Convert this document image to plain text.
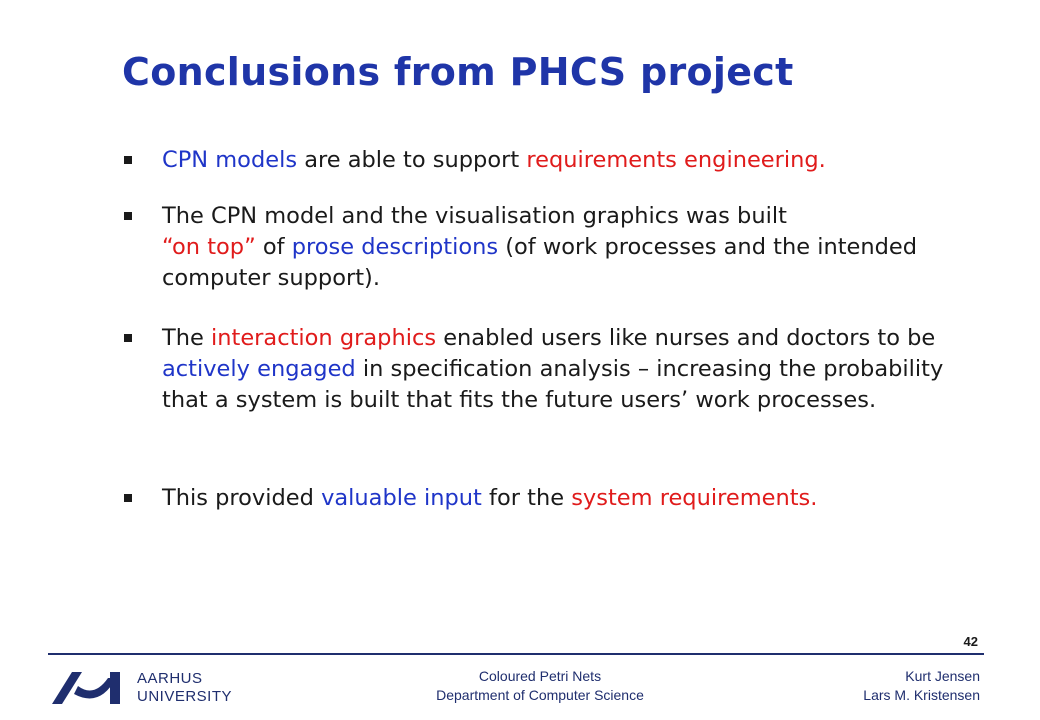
Conclusions from PHCS project
CPN models are able to support requirements engineering.
The CPN model and the visualisation graphics was built
“on top” of prose descriptions (of work processes and the intended computer support).
The interaction graphics enabled users like nurses and doctors to be actively engaged in specification analysis – increasing the probability that a system is built that fits the future users’ work processes.
This provided valuable input for the system requirements.
42
AARHUS
UNIVERSITY
Coloured Petri Nets
Department of Computer Science
Kurt Jensen
Lars M. Kristensen
